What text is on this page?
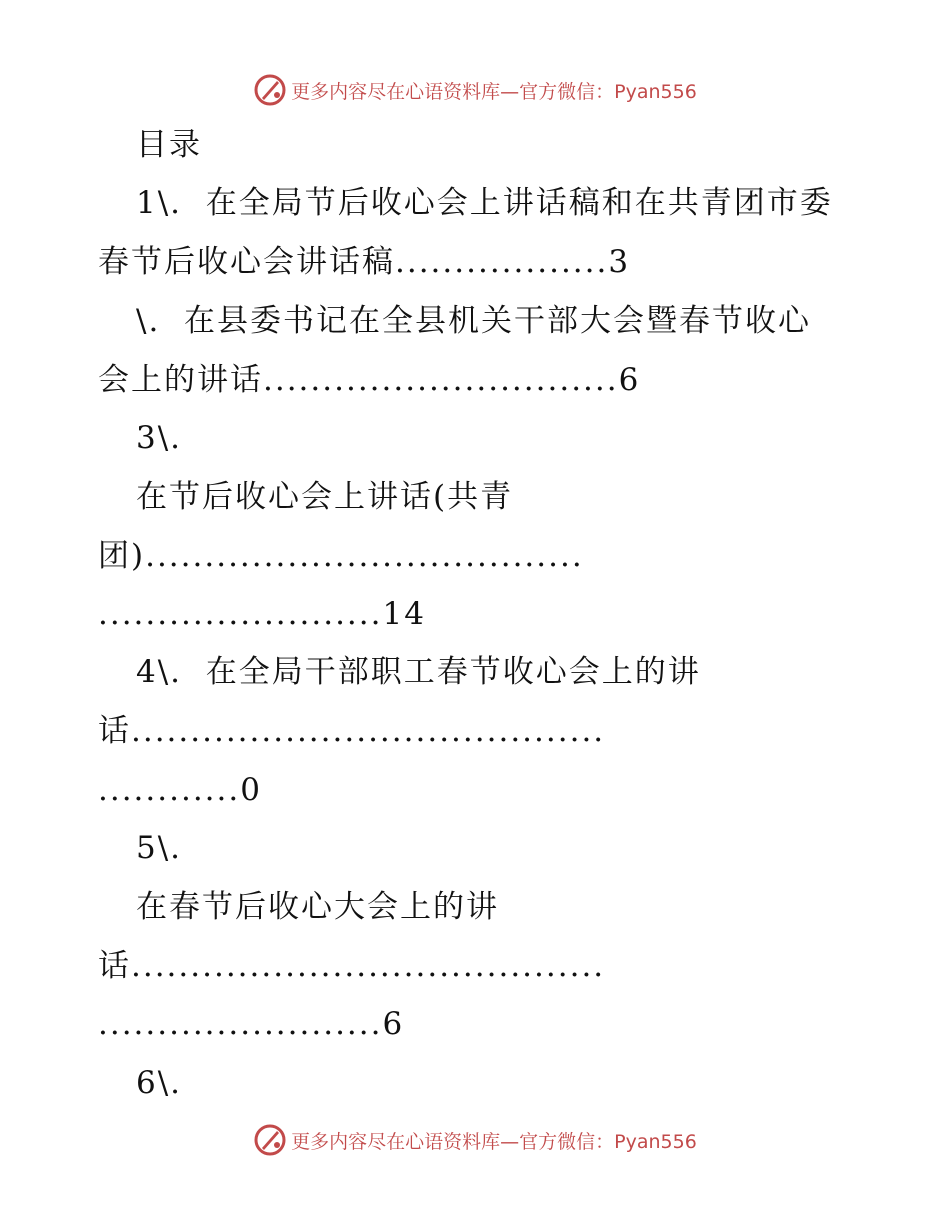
更多内容尽在心语资料库—官方微信：Pyan556
目录
1\.  在全局节后收心会上讲话稿和在共青团市委
春节后收心会讲话稿..................3
\.  在县委书记在全县机关干部大会暨春节收心
会上的讲话..............................6
3\.
在节后收心会上讲话(共青
团).....................................
........................14
4\.  在全局干部职工春节收心会上的讲
话........................................
............0
5\.
在春节后收心大会上的讲
话........................................
........................6
6\.
更多内容尽在心语资料库—官方微信：Pyan556
